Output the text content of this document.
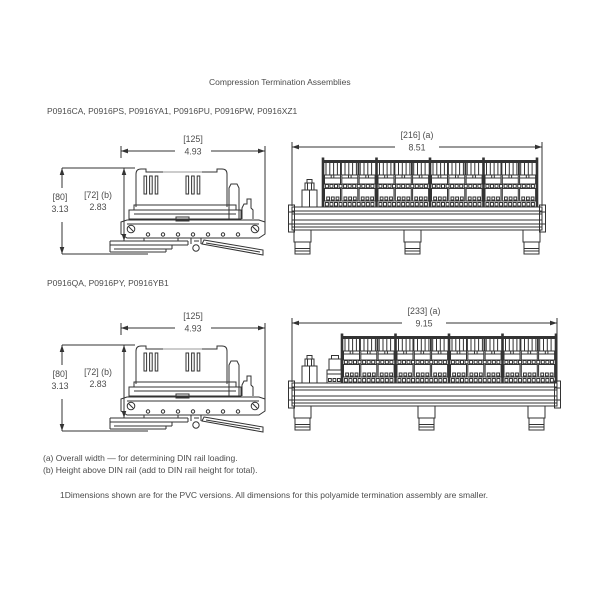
Compression Termination Assemblies
P0916CA, P0916PS, P0916YA1, P0916PU, P0916PW, P0916XZ1
[125]
4.93
[80]
3.13
[72] (b)
2.83
[216] (a)
8.51
P0916QA, P0916PY, P0916YB1
[125]
4.93
[80]
3.13
[72] (b)
2.83
[233] (a)
9.15
(a) Overall width — for determining DIN rail loading.
(b) Height above DIN rail (add to DIN rail height for total).
1Dimensions shown are for the PVC versions. All dimensions for this polyamide termination assembly are smaller.
